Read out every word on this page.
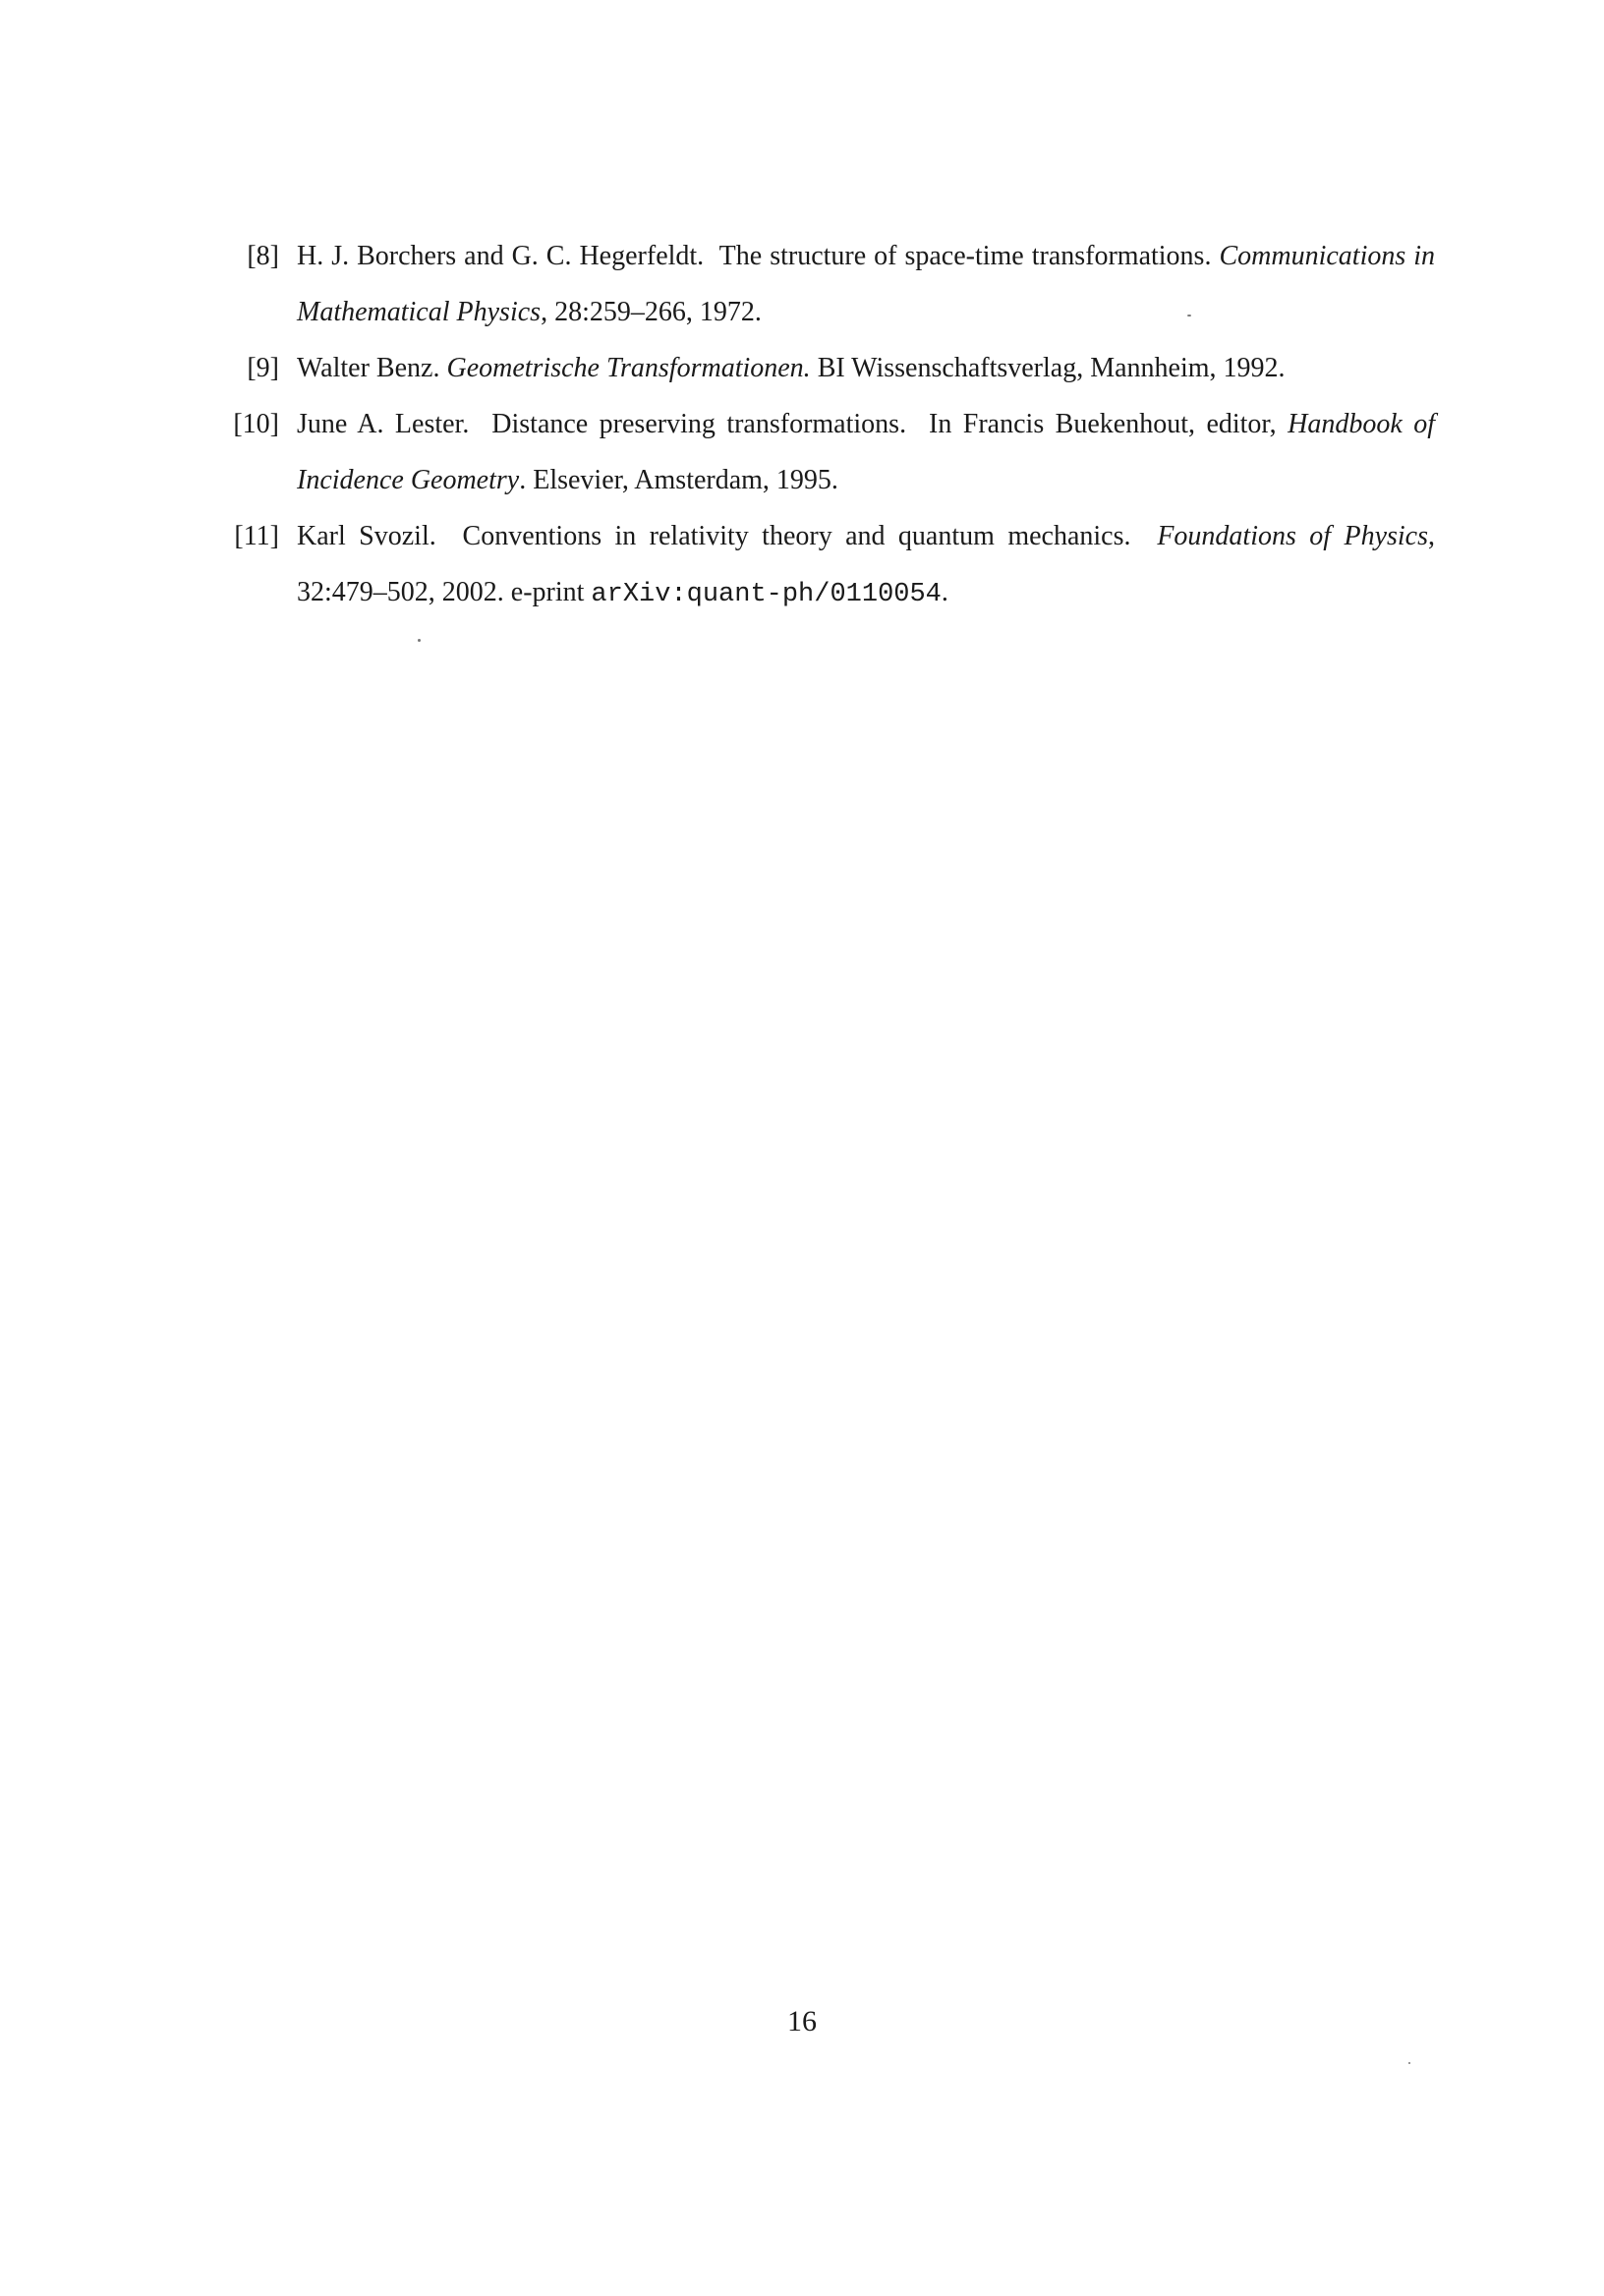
[8] H. J. Borchers and G. C. Hegerfeldt. The structure of space-time transformations. Communications in Mathematical Physics, 28:259–266, 1972.
[9] Walter Benz. Geometrische Transformationen. BI Wissenschaftsverlag, Mannheim, 1992.
[10] June A. Lester. Distance preserving transformations. In Francis Buekenhout, editor, Handbook of Incidence Geometry. Elsevier, Amsterdam, 1995.
[11] Karl Svozil. Conventions in relativity theory and quantum mechanics. Foundations of Physics, 32:479–502, 2002. e-print arXiv:quant-ph/0110054.
16
